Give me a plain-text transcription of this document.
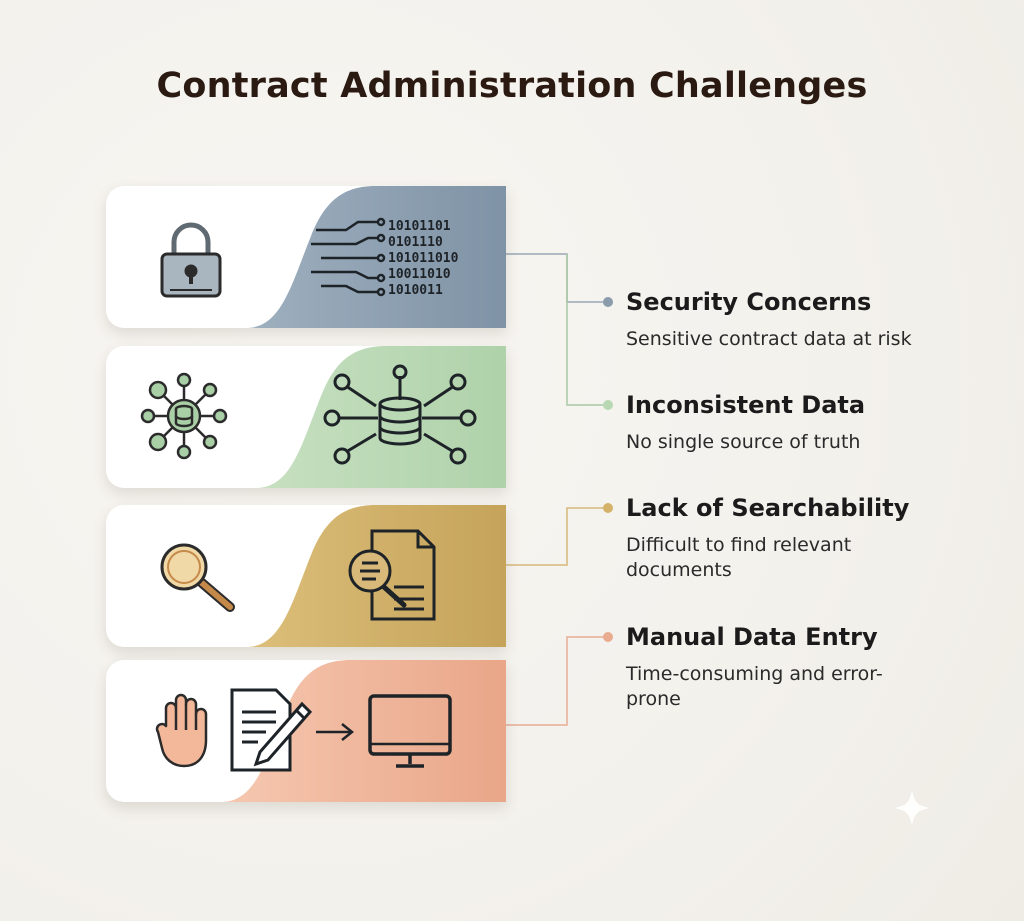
Contract Administration Challenges
10101101
0101110
101011010
10011010
1010011	Security Concerns
Sensitive contract data at risk
Inconsistent Data
No single source of truth
Lack of Searchability
Difficult to find relevant documents
Manual Data Entry
Time-consuming and error-prone
